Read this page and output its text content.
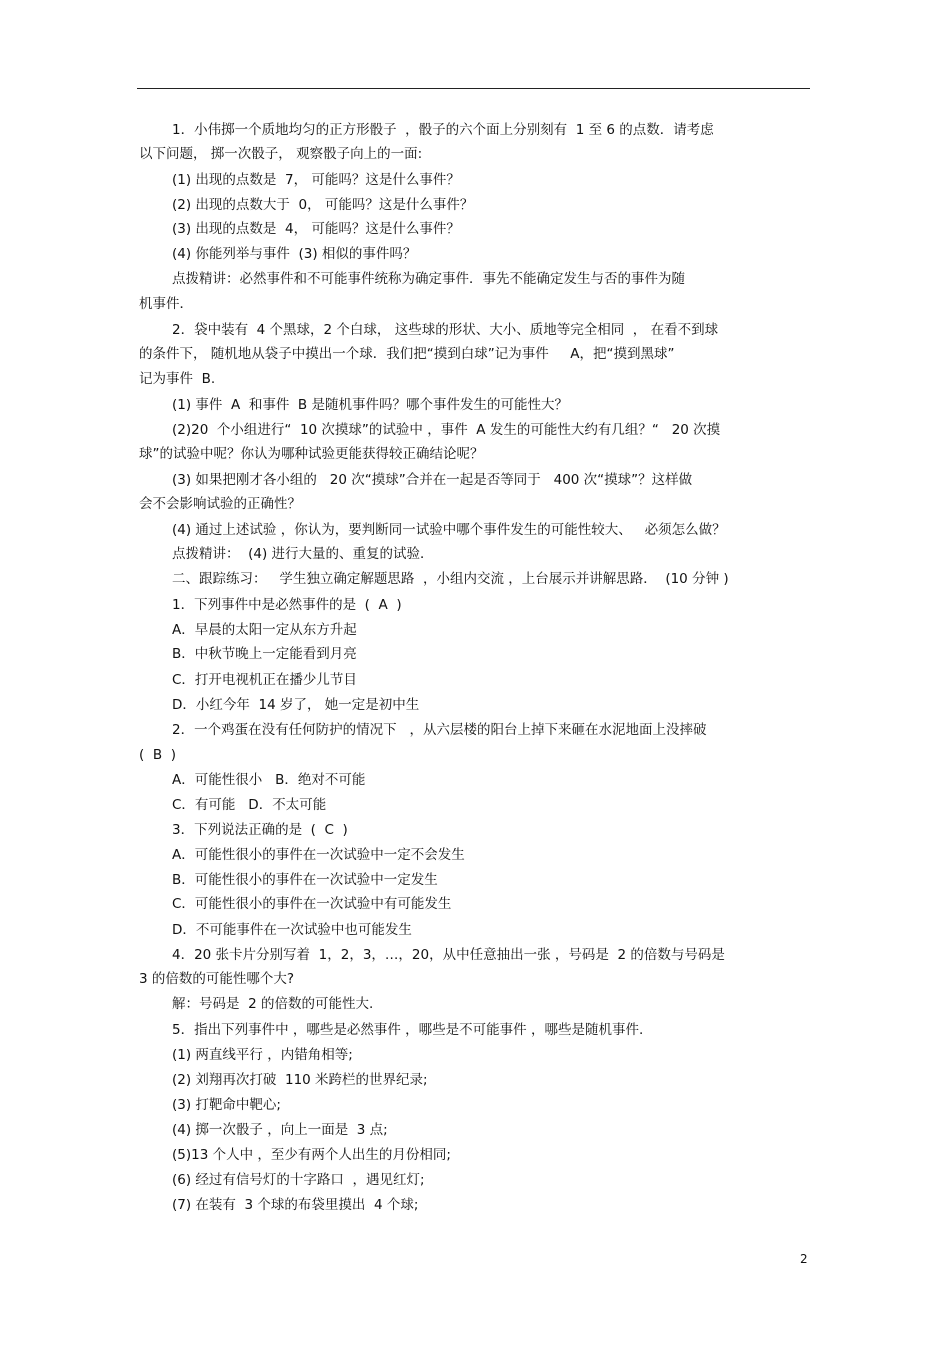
1．小伟掷一个质地均匀的正方形骰子  ，骰子的六个面上分别刻有  1 至 6 的点数．请考虑
以下问题， 掷一次骰子， 观察骰子向上的一面:
(1) 出现的点数是  7， 可能吗？这是什么事件？
(2) 出现的点数大于  0， 可能吗？这是什么事件？
(3) 出现的点数是  4， 可能吗？这是什么事件？
(4) 你能列举与事件  (3) 相似的事件吗？
点拨精讲：必然事件和不可能事件统称为确定事件．事先不能确定发生与否的事件为随
机事件．
2．袋中装有  4 个黑球，2 个白球， 这些球的形状、大小、质地等完全相同  ， 在看不到球
的条件下， 随机地从袋子中摸出一个球．我们把“摸到白球”记为事件     A，把“摸到黑球”
记为事件  B.
(1) 事件  A  和事件  B 是随机事件吗？哪个事件发生的可能性大？
(2)20  个小组进行“  10 次摸球”的试验中 ，事件  A 发生的可能性大约有几组？“   20 次摸
球”的试验中呢？你认为哪种试验更能获得较正确结论呢？
(3) 如果把刚才各小组的   20 次“摸球”合并在一起是否等同于   400 次“摸球”？这样做
会不会影响试验的正确性？
(4) 通过上述试验 ，你认为，要判断同一试验中哪个事件发生的可能性较大、   必须怎么做？
点拨精讲：  (4) 进行大量的、重复的试验．
二、跟踪练习：   学生独立确定解题思路  ，小组内交流 ，上台展示并讲解思路．  (10 分钟 )
1．下列事件中是必然事件的是  (  A  )
A．早晨的太阳一定从东方升起
B．中秋节晚上一定能看到月亮
C．打开电视机正在播少儿节目
D．小红今年  14 岁了， 她一定是初中生
2．一个鸡蛋在没有任何防护的情况下   ，从六层楼的阳台上掉下来砸在水泥地面上没摔破
(  B  )
A．可能性很小   B．绝对不可能
C．有可能   D．不太可能
3．下列说法正确的是  (  C  )
A．可能性很小的事件在一次试验中一定不会发生
B．可能性很小的事件在一次试验中一定发生
C．可能性很小的事件在一次试验中有可能发生
D．不可能事件在一次试验中也可能发生
4．20 张卡片分别写着  1，2，3，…，20，从中任意抽出一张 ，号码是  2 的倍数与号码是
3 的倍数的可能性哪个大?
解：号码是  2 的倍数的可能性大.
5．指出下列事件中 ，哪些是必然事件 ，哪些是不可能事件 ，哪些是随机事件.
(1) 两直线平行 ，内错角相等;
(2) 刘翔再次打破  110 米跨栏的世界纪录;
(3) 打靶命中靶心;
(4) 掷一次骰子 ，向上一面是  3 点;
(5)13 个人中 ，至少有两个人出生的月份相同;
(6) 经过有信号灯的十字路口  ，遇见红灯;
(7) 在装有  3 个球的布袋里摸出  4 个球;
2
